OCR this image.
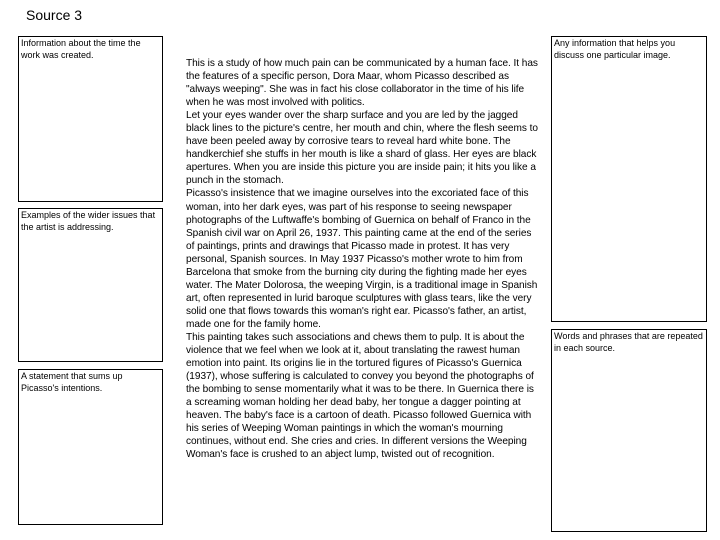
Source 3
Information about the time the work was created.
Examples of the wider issues that the artist is addressing.
A statement that sums up Picasso's intentions.
Any information that helps you discuss one particular image.
Words and phrases that are repeated in each source.

This is a study of how much pain can be communicated by a human face. It has the features of a specific person, Dora Maar, whom Picasso described as "always weeping". She was in fact his close collaborator in the time of his life when he was most involved with politics.

Let your eyes wander over the sharp surface and you are led by the jagged black lines to the picture's centre, her mouth and chin, where the flesh seems to have been peeled away by corrosive tears to reveal hard white bone. The handkerchief she stuffs in her mouth is like a shard of glass. Her eyes are black apertures. When you are inside this picture you are inside pain; it hits you like a punch in the stomach.

Picasso's insistence that we imagine ourselves into the excoriated face of this woman, into her dark eyes, was part of his response to seeing newspaper photographs of the Luftwaffe's bombing of Guernica on behalf of Franco in the Spanish civil war on April 26, 1937. This painting came at the end of the series of paintings, prints and drawings that Picasso made in protest. It has very personal, Spanish sources. In May 1937 Picasso's mother wrote to him from Barcelona that smoke from the burning city during the fighting made her eyes water. The Mater Dolorosa, the weeping Virgin, is a traditional image in Spanish art, often represented in lurid baroque sculptures with glass tears, like the very solid one that flows towards this woman's right ear. Picasso's father, an artist, made one for the family home.

This painting takes such associations and chews them to pulp. It is about the violence that we feel when we look at it, about translating the rawest human emotion into paint. Its origins lie in the tortured figures of Picasso's Guernica (1937), whose suffering is calculated to convey you beyond the photographs of the bombing to sense momentarily what it was to be there. In Guernica there is a screaming woman holding her dead baby, her tongue a dagger pointing at heaven. The baby's face is a cartoon of death. Picasso followed Guernica with his series of Weeping Woman paintings in which the woman's mourning continues, without end. She cries and cries. In different versions the Weeping Woman's face is crushed to an abject lump, twisted out of recognition.
